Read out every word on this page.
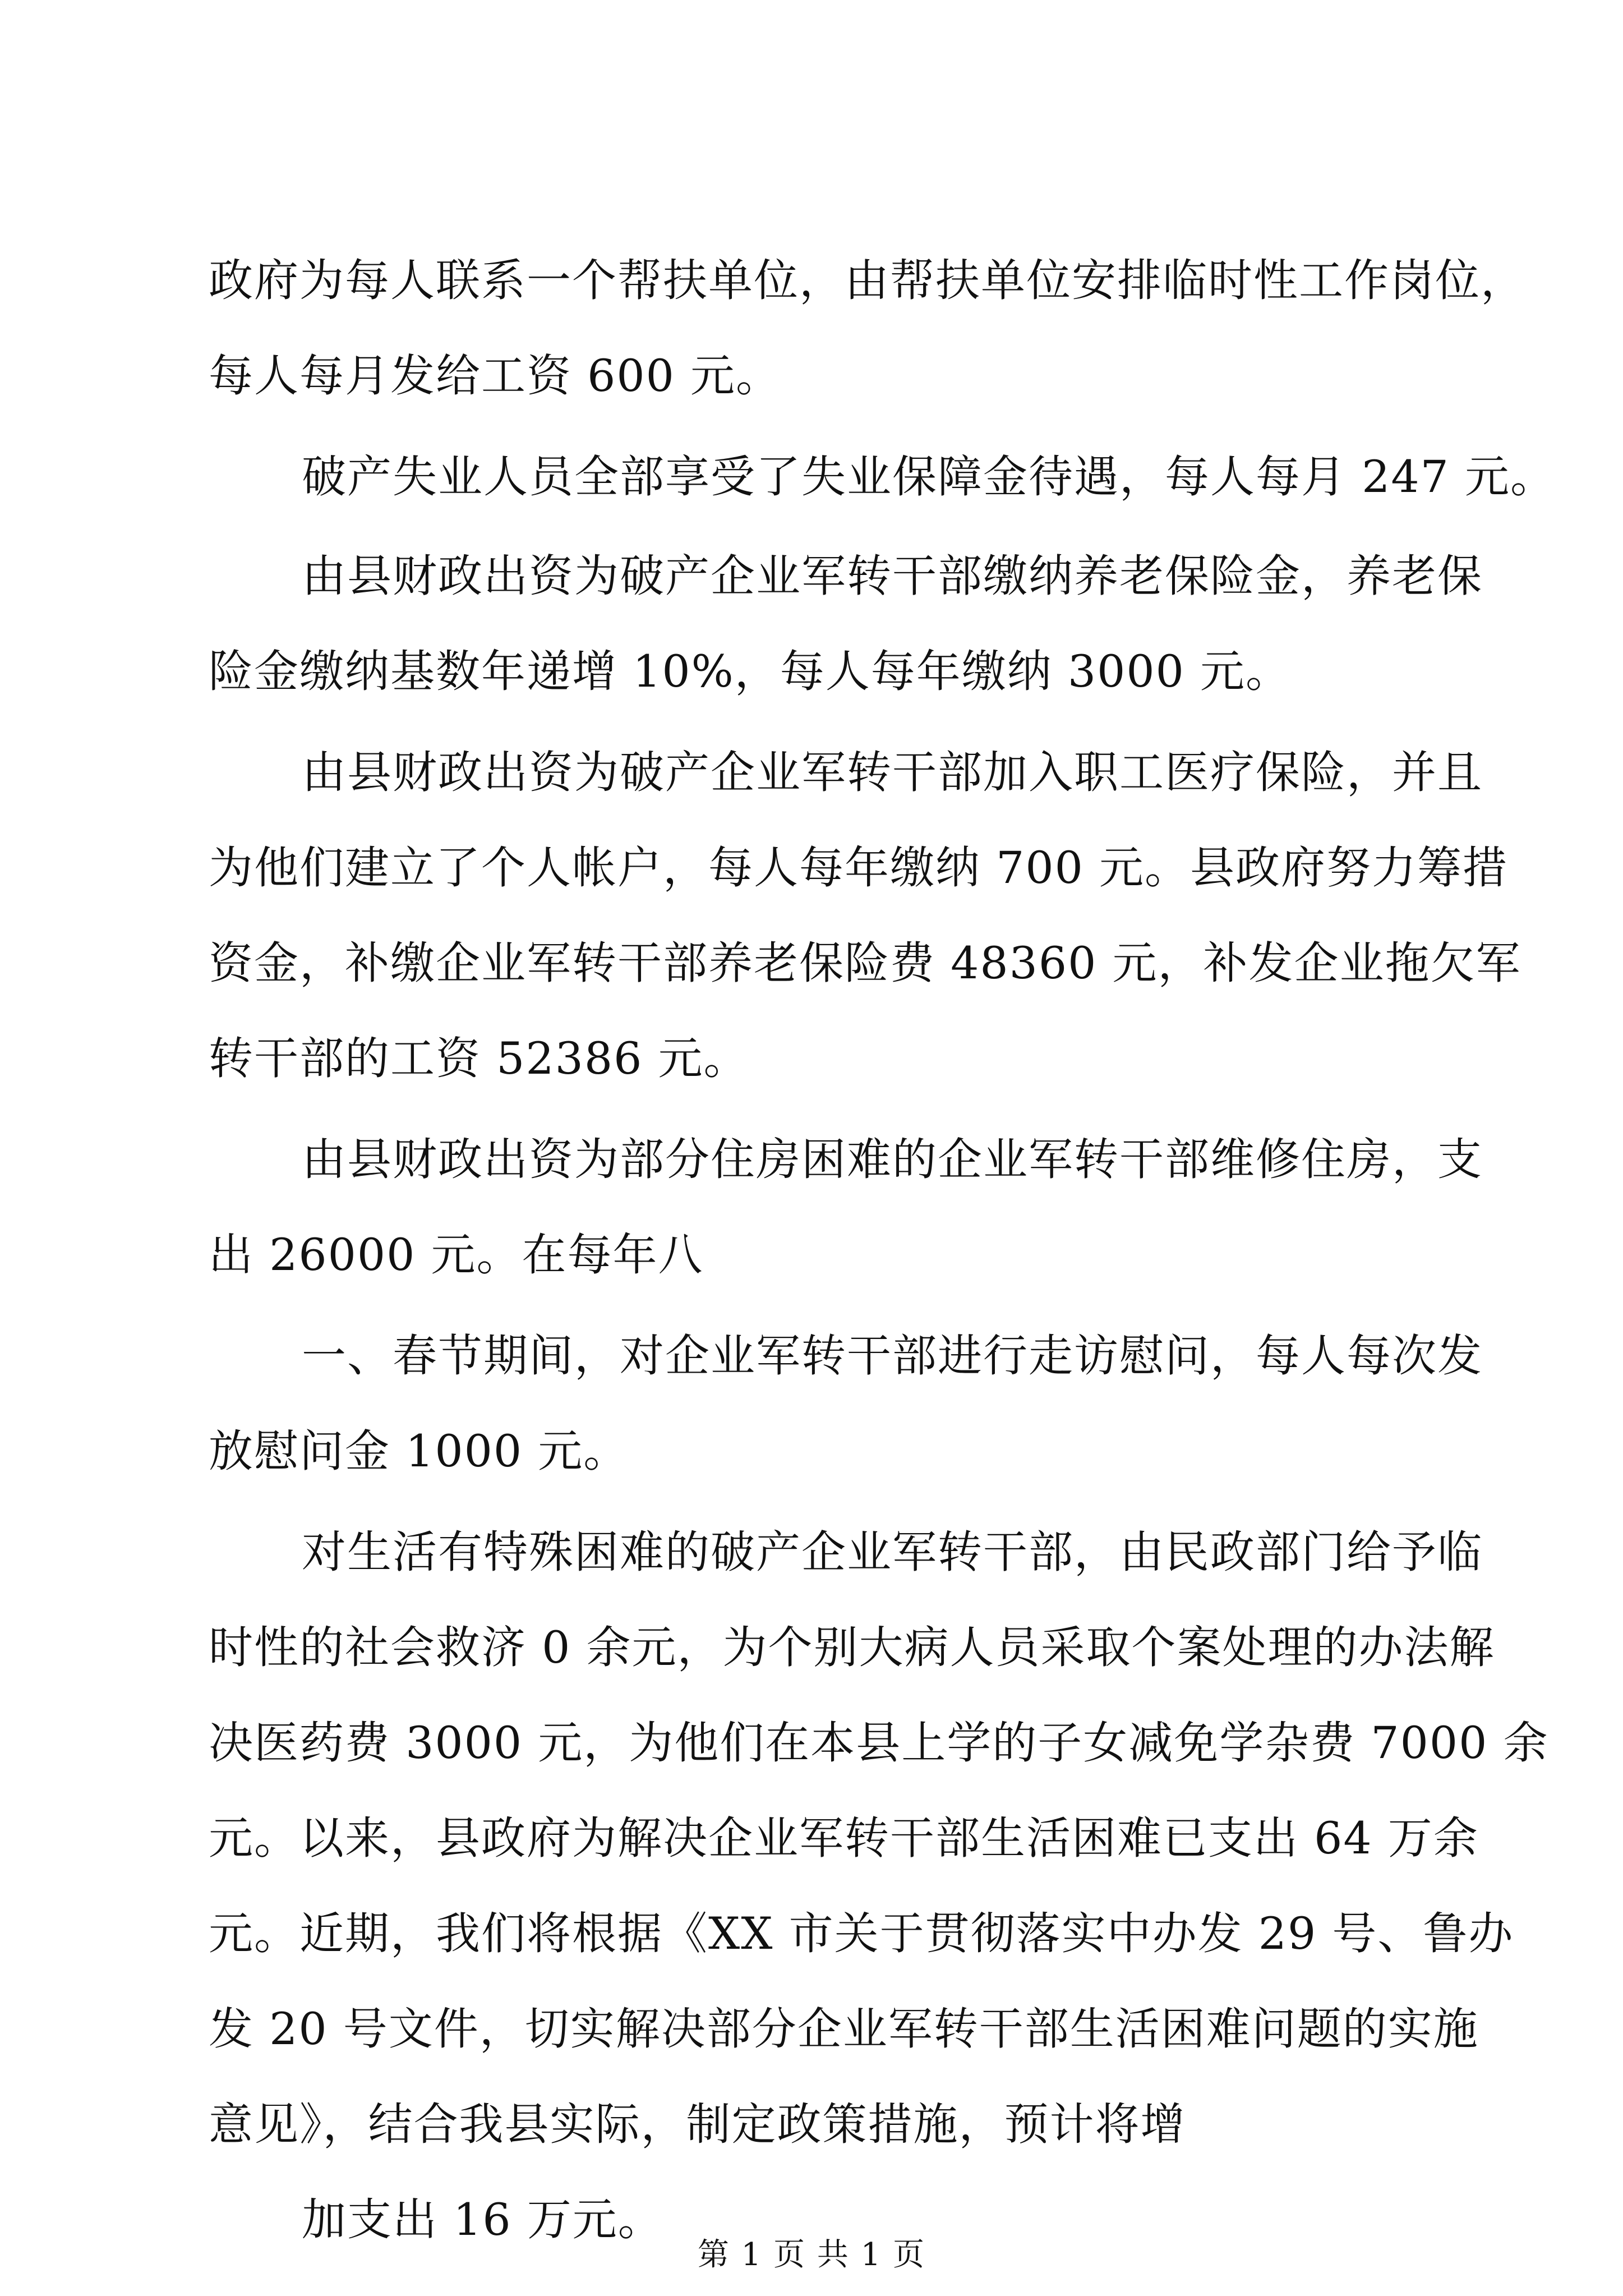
政府为每人联系一个帮扶单位，由帮扶单位安排临时性工作岗位，
每人每月发给工资 600 元。
破产失业人员全部享受了失业保障金待遇，每人每月 247 元。
由县财政出资为破产企业军转干部缴纳养老保险金，养老保
险金缴纳基数年递增 10%，每人每年缴纳 3000 元。
由县财政出资为破产企业军转干部加入职工医疗保险，并且
为他们建立了个人帐户，每人每年缴纳 700 元。县政府努力筹措
资金，补缴企业军转干部养老保险费 48360 元，补发企业拖欠军
转干部的工资 52386 元。
由县财政出资为部分住房困难的企业军转干部维修住房，支
出 26000 元。在每年八
一、春节期间，对企业军转干部进行走访慰问，每人每次发
放慰问金 1000 元。
对生活有特殊困难的破产企业军转干部，由民政部门给予临
时性的社会救济 0 余元，为个别大病人员采取个案处理的办法解
决医药费 3000 元，为他们在本县上学的子女减免学杂费 7000 余
元。以来，县政府为解决企业军转干部生活困难已支出 64 万余
元。近期，我们将根据《XX 市关于贯彻落实中办发 29 号、鲁办
发 20 号文件，切实解决部分企业军转干部生活困难问题的实施
意见》，结合我县实际，制定政策措施，预计将增
加支出 16 万元。
第 1 页 共 1 页
